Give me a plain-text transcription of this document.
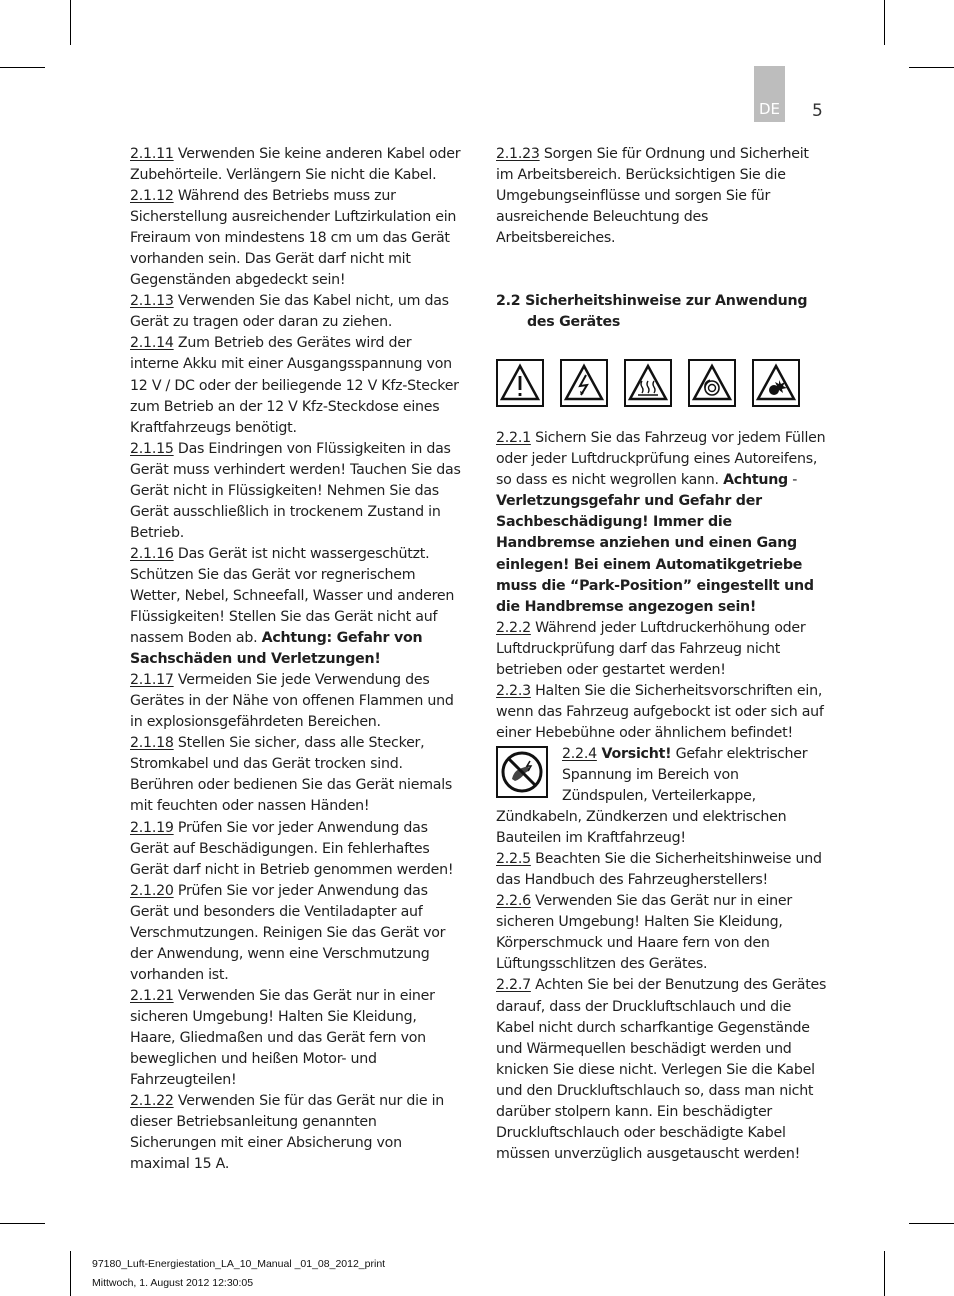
DE 5

2.1.11 Verwenden Sie keine anderen Kabel oder Zubehörteile. Verlängern Sie nicht die Kabel.

2.1.12 Während des Betriebs muss zur Sicherstellung ausreichender Luftzirkulation ein Freiraum von mindestens 18 cm um das Gerät vorhanden sein. Das Gerät darf nicht mit Gegenständen abgedeckt sein!

2.1.13 Verwenden Sie das Kabel nicht, um das Gerät zu tragen oder daran zu ziehen.

2.1.14 Zum Betrieb des Gerätes wird der interne Akku mit einer Ausgangsspannung von 12 V / DC oder der beiliegende 12 V Kfz-Stecker zum Betrieb an der 12 V Kfz-Steckdose eines Kraftfahrzeugs benötigt.

2.1.15 Das Eindringen von Flüssigkeiten in das Gerät muss verhindert werden! Tauchen Sie das Gerät nicht in Flüssigkeiten! Nehmen Sie das Gerät ausschließlich in trockenem Zustand in Betrieb.

2.1.16 Das Gerät ist nicht wassergeschützt. Schützen Sie das Gerät vor regnerischem Wetter, Nebel, Schneefall, Wasser und anderen Flüssigkeiten! Stellen Sie das Gerät nicht auf nassem Boden ab. Achtung: Gefahr von Sachschäden und Verletzungen!

2.1.17 Vermeiden Sie jede Verwendung des Gerätes in der Nähe von offenen Flammen und in explosionsgefährdeten Bereichen.

2.1.18 Stellen Sie sicher, dass alle Stecker, Stromkabel und das Gerät trocken sind. Berühren oder bedienen Sie das Gerät niemals mit feuchten oder nassen Händen!

2.1.19 Prüfen Sie vor jeder Anwendung das Gerät auf Beschädigungen. Ein fehlerhaftes Gerät darf nicht in Betrieb genommen werden!

2.1.20 Prüfen Sie vor jeder Anwendung das Gerät und besonders die Ventiladapter auf Verschmutzungen. Reinigen Sie das Gerät vor der Anwendung, wenn eine Verschmutzung vorhanden ist.

2.1.21 Verwenden Sie das Gerät nur in einer sicheren Umgebung! Halten Sie Kleidung, Haare, Gliedmaßen und das Gerät fern von beweglichen und heißen Motor- und Fahrzeugteilen!

2.1.22 Verwenden Sie für das Gerät nur die in dieser Betriebsanleitung genannten Sicherungen mit einer Absicherung von maximal 15 A.

2.1.23 Sorgen Sie für Ordnung und Sicherheit im Arbeitsbereich. Berücksichtigen Sie die Umgebungseinflüsse und sorgen Sie für ausreichende Beleuchtung des Arbeitsbereiches.

2.2 Sicherheitshinweise zur Anwendung
des Gerätes

2.2.1 Sichern Sie das Fahrzeug vor jedem Füllen oder jeder Luftdruckprüfung eines Autoreifens, so dass es nicht wegrollen kann. Achtung - Verletzungsgefahr und Gefahr der Sachbeschädigung! Immer die Handbremse anziehen und einen Gang einlegen! Bei einem Automatikgetriebe muss die “Park-Position” eingestellt und die Handbremse angezogen sein!

2.2.2 Während jeder Luftdruckerhöhung oder Luftdruckprüfung darf das Fahrzeug nicht betrieben oder gestartet werden!

2.2.3 Halten Sie die Sicherheitsvorschriften ein, wenn das Fahrzeug aufgebockt ist oder sich auf einer Hebebühne oder ähnlichem befindet!

2.2.4 Vorsicht! Gefahr elektrischer Spannung im Bereich von Zündspulen, Verteilerkappe, Zündkabeln, Zündkerzen und elektrischen Bauteilen im Kraftfahrzeug!

2.2.5 Beachten Sie die Sicherheitshinweise und das Handbuch des Fahrzeugherstellers!

2.2.6 Verwenden Sie das Gerät nur in einer sicheren Umgebung! Halten Sie Kleidung, Körperschmuck und Haare fern von den Lüftungsschlitzen des Gerätes.

2.2.7 Achten Sie bei der Benutzung des Gerätes darauf, dass der Druckluftschlauch und die Kabel nicht durch scharfkantige Gegenstände und Wärmequellen beschädigt werden und knicken Sie diese nicht. Verlegen Sie die Kabel und den Druckluftschlauch so, dass man nicht darüber stolpern kann. Ein beschädigter Druckluftschlauch oder beschädigte Kabel müssen unverzüglich ausgetauscht werden!

97180_Luft-Energiestation_LA_10_Manual _01_08_2012_print
Mittwoch, 1. August 2012 12:30:05
